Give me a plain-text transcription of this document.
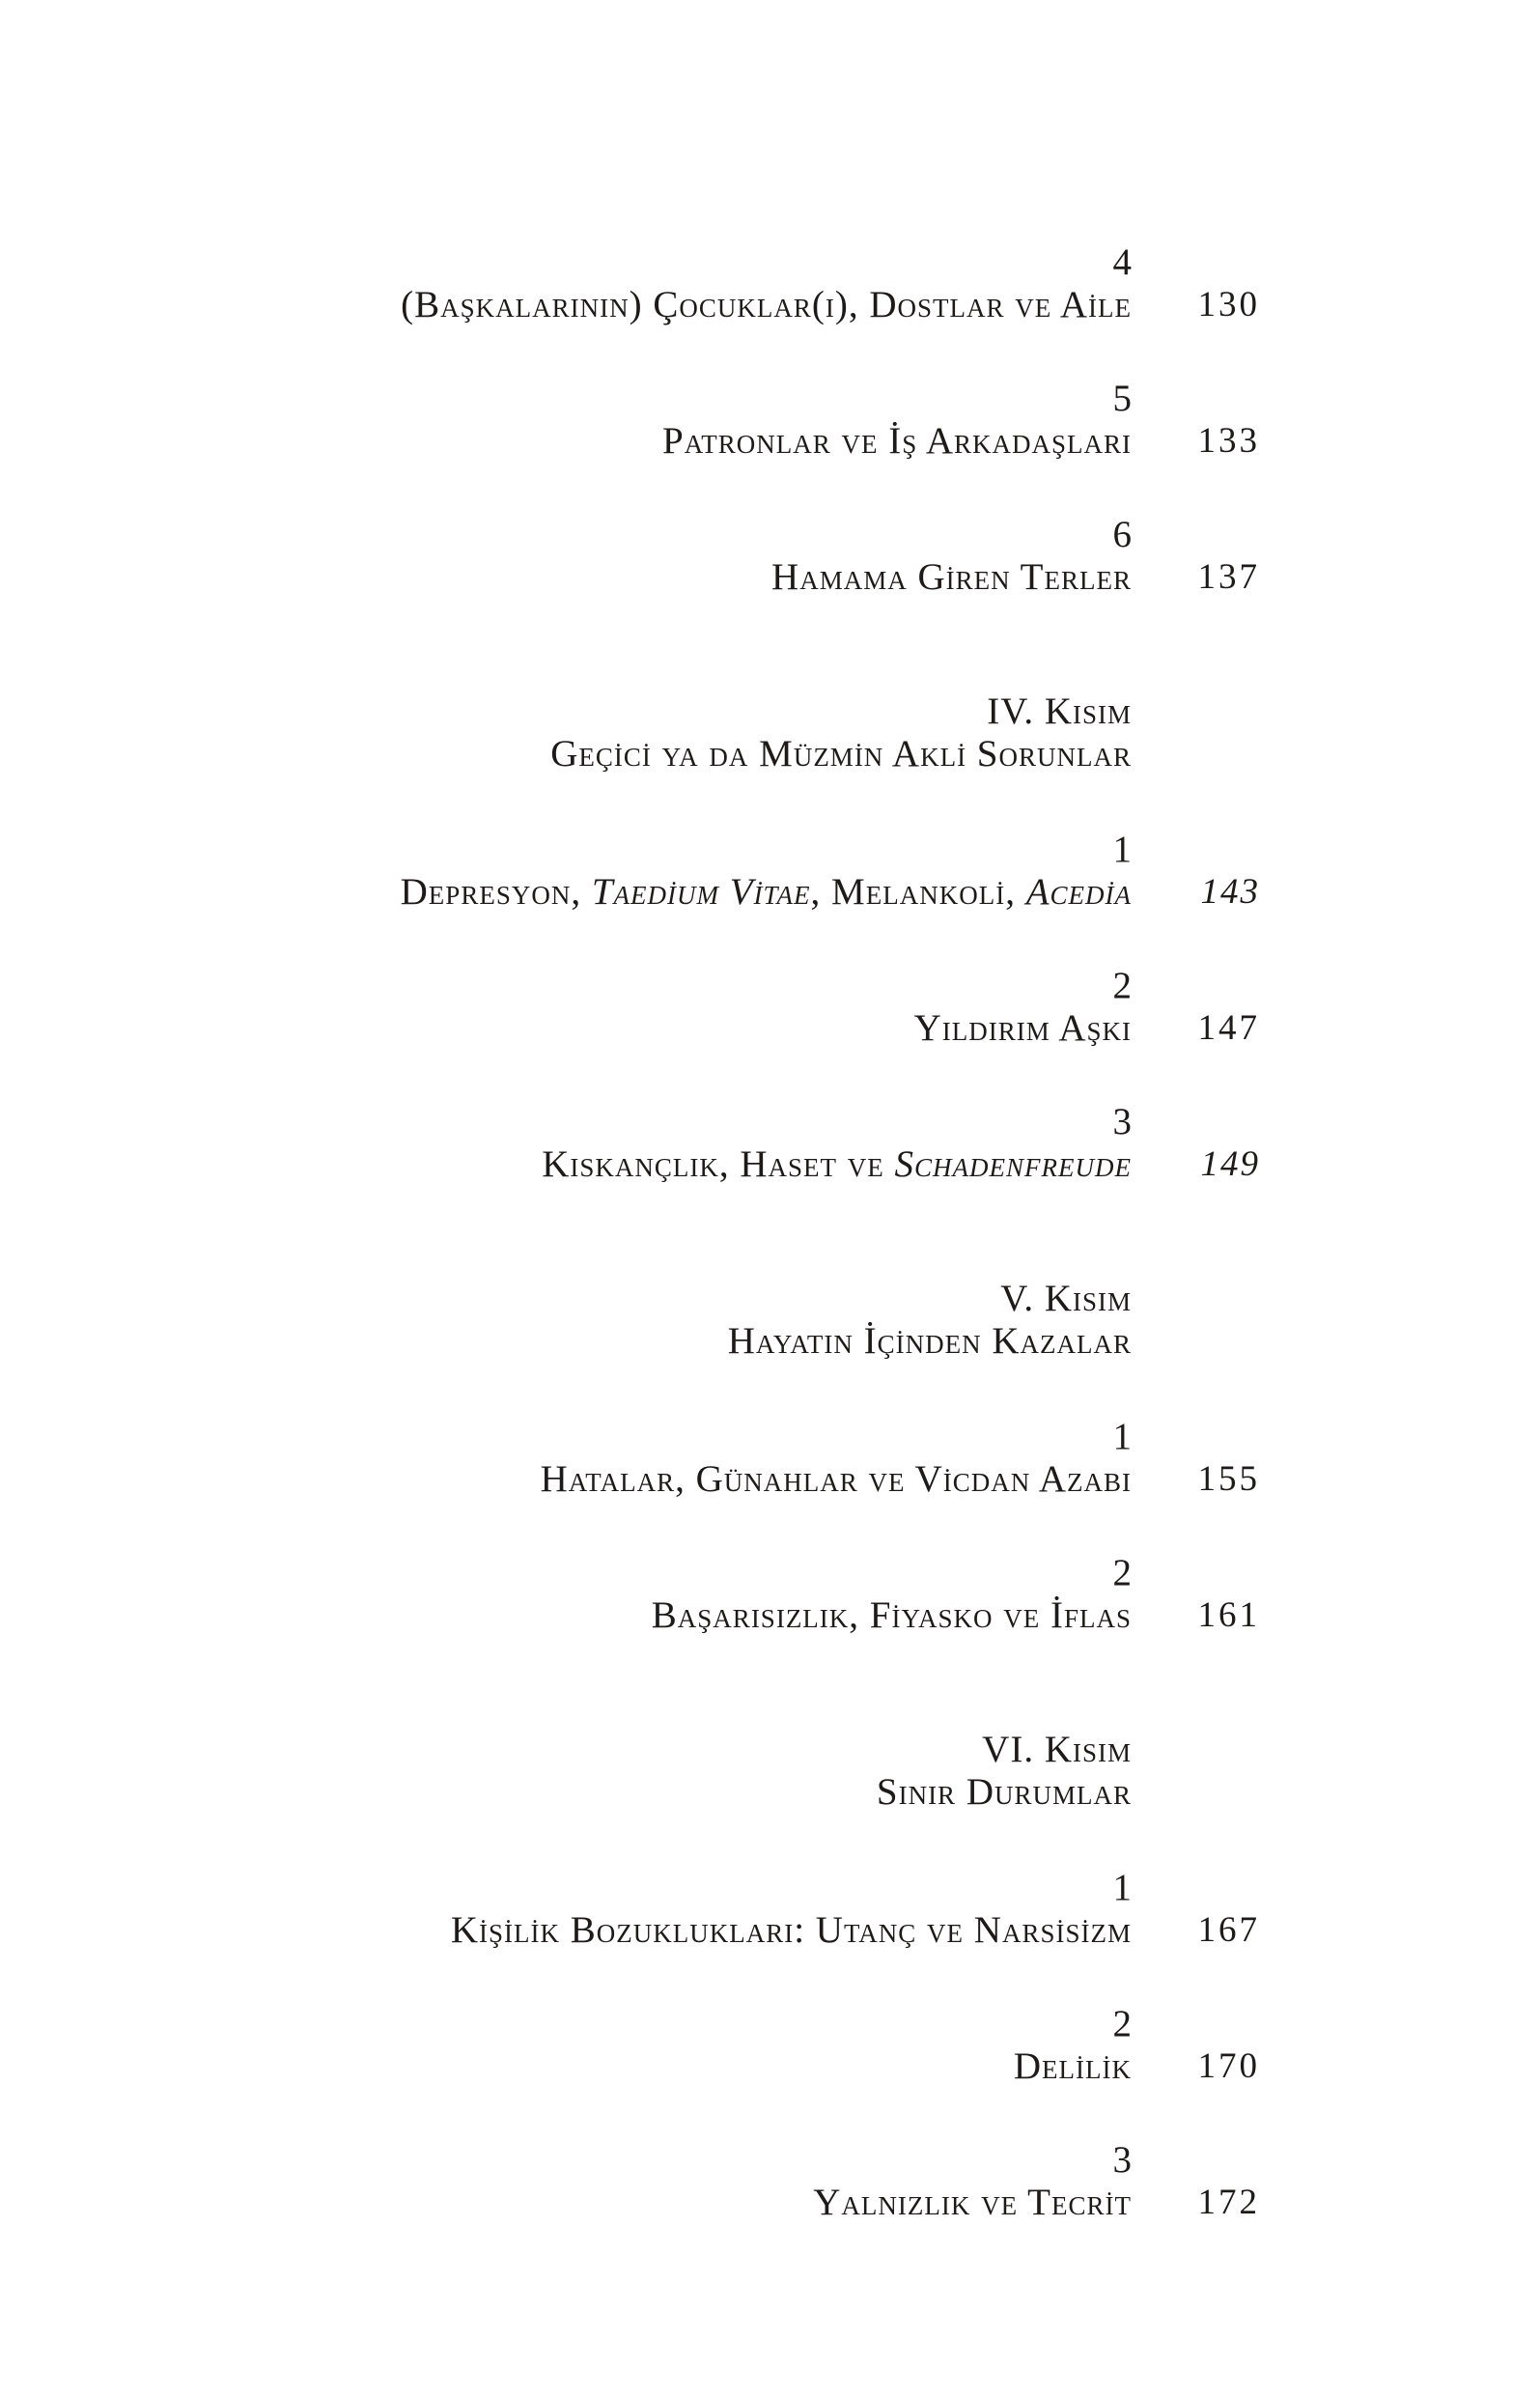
4
(Başkalarının) Çocuklar(ı), Dostlar ve Aile 130
5
Patronlar ve İş Arkadaşları 133
6
Hamama Giren Terler 137
IV. Kısım
Geçici ya da Müzmin Akli Sorunlar
1
Depresyon, Taedium Vitae, Melankoli, Acedia 143
2
Yıldırım Aşkı 147
3
Kıskançlık, Haset ve Schadenfreude 149
V. Kısım
Hayatın İçinden Kazalar
1
Hatalar, Günahlar ve Vicdan Azabı 155
2
Başarısızlık, Fiyasko ve İflas 161
VI. Kısım
Sınır Durumlar
1
Kişilik Bozuklukları: Utanç ve Narsisizm 167
2
Delilik 170
3
Yalnızlık ve Tecrit 172
